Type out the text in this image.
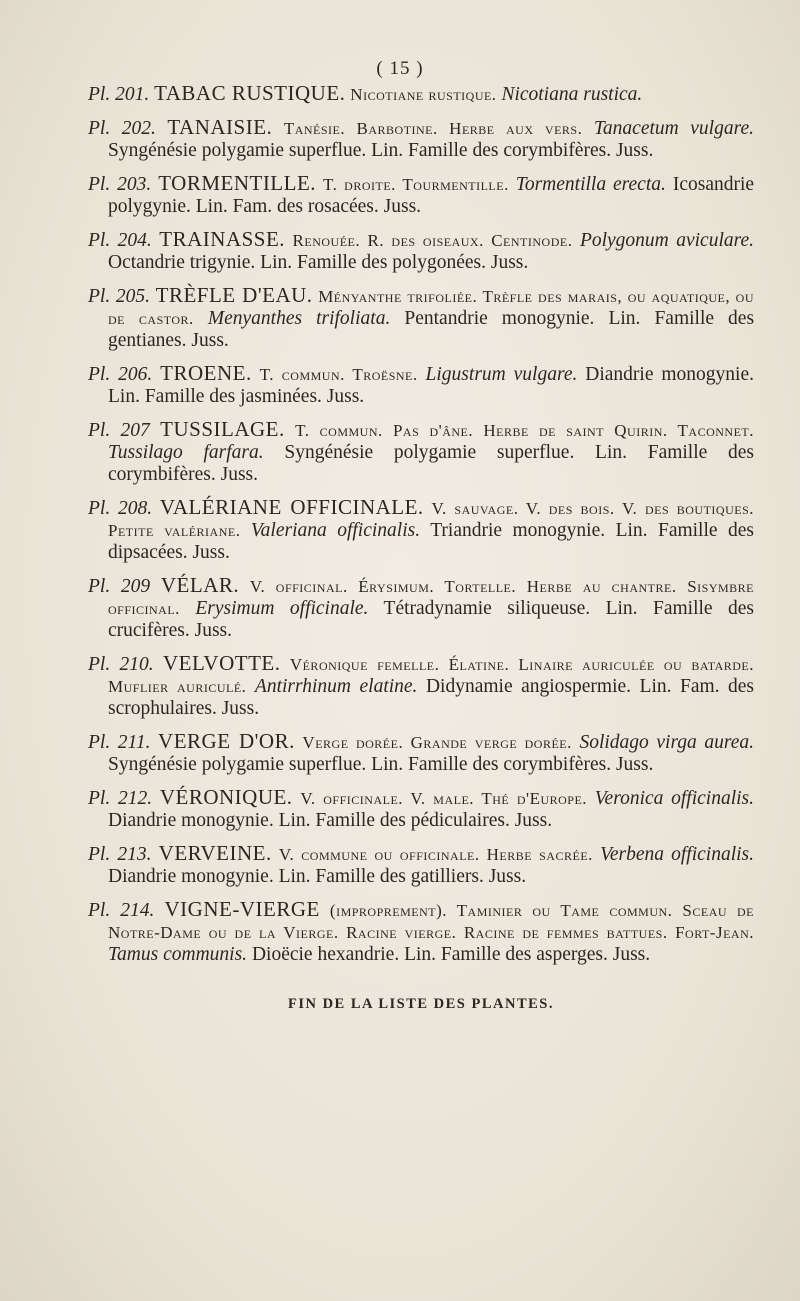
( 15 )

Pl. 201. TABAC RUSTIQUE. Nicotiane rustique. Nicotiana rustica.

Pl. 202. TANAISIE. Tanésie. Barbotine. Herbe aux vers. Tanacetum vulgare. Syngénésie polygamie superflue. Lin. Famille des corymbifères. Juss.

Pl. 203. TORMENTILLE. T. droite. Tourmentille. Tormentilla erecta. Icosandrie polygynie. Lin. Fam. des rosacées. Juss.

Pl. 204. TRAINASSE. Renouée. R. des oiseaux. Centinode. Polygonum aviculare. Octandrie trigynie. Lin. Famille des polygonées. Juss.

Pl. 205. TRÈFLE D'EAU. Ményanthe trifoliée. Trèfle des marais, ou aquatique, ou de castor. Menyanthes trifoliata. Pentandrie monogynie. Lin. Famille des gentianes. Juss.

Pl. 206. TROENE. T. commun. Troësne. Ligustrum vulgare. Diandrie monogynie. Lin. Famille des jasminées. Juss.

Pl. 207 TUSSILAGE. T. commun. Pas d'âne. Herbe de saint Quirin. Taconnet. Tussilago farfara. Syngénésie polygamie superflue. Lin. Famille des corymbifères. Juss.

Pl. 208. VALÉRIANE OFFICINALE. V. sauvage. V. des bois. V. des boutiques. Petite valériane. Valeriana officinalis. Triandrie monogynie. Lin. Famille des dipsacées. Juss.

Pl. 209 VÉLAR. V. officinal. Érysimum. Tortelle. Herbe au chantre. Sisymbre officinal. Erysimum officinale. Tétradynamie siliqueuse. Lin. Famille des crucifères. Juss.

Pl. 210. VELVOTTE. Véronique femelle. Élatine. Linaire auriculée ou batarde. Muflier auriculé. Antirrhinum elatine. Didynamie angiospermie. Lin. Fam. des scrophulaires. Juss.

Pl. 211. VERGE D'OR. Verge dorée. Grande verge dorée. Solidago virga aurea. Syngénésie polygamie superflue. Lin. Famille des corymbifères. Juss.

Pl. 212. VÉRONIQUE. V. officinale. V. male. Thé d'Europe. Veronica officinalis. Diandrie monogynie. Lin. Famille des pédiculaires. Juss.

Pl. 213. VERVEINE. V. commune ou officinale. Herbe sacrée. Verbena officinalis. Diandrie monogynie. Lin. Famille des gatilliers. Juss.

Pl. 214. VIGNE-VIERGE (improprement). Taminier ou Tame commun. Sceau de Notre-Dame ou de la Vierge. Racine vierge. Racine de femmes battues. Fort-Jean. Tamus communis. Dioëcie hexandrie. Lin. Famille des asperges. Juss.

FIN DE LA LISTE DES PLANTES.
